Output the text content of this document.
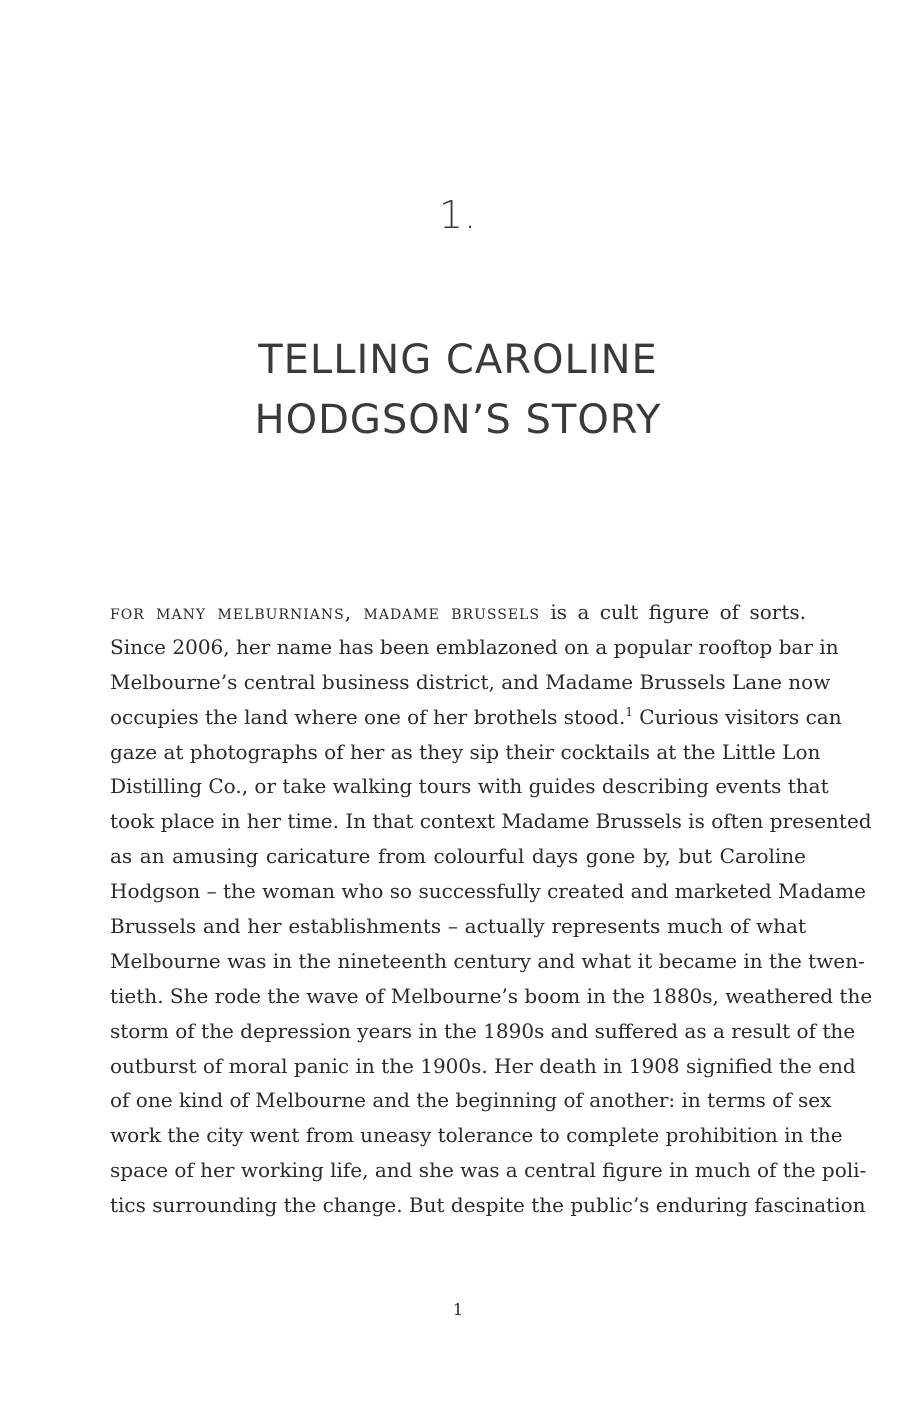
1.
TELLING CAROLINE
HODGSON’S STORY
for many melburnians, madame brussels is a cult figure of sorts.
Since 2006, her name has been emblazoned on a popular rooftop bar in
Melbourne’s central business district, and Madame Brussels Lane now
occupies the land where one of her brothels stood.$^1$ Curious visitors can
gaze at photographs of her as they sip their cocktails at the Little Lon
Distilling Co., or take walking tours with guides describing events that
took place in her time. In that context Madame Brussels is often presented
as an amusing caricature from colourful days gone by, but Caroline
Hodgson – the woman who so successfully created and marketed Madame
Brussels and her establishments – actually represents much of what
Melbourne was in the nineteenth century and what it became in the twen-
tieth. She rode the wave of Melbourne’s boom in the 1880s, weathered the
storm of the depression years in the 1890s and suffered as a result of the
outburst of moral panic in the 1900s. Her death in 1908 signified the end
of one kind of Melbourne and the beginning of another: in terms of sex
work the city went from uneasy tolerance to complete prohibition in the
space of her working life, and she was a central figure in much of the poli-
tics surrounding the change. But despite the public’s enduring fascination
1
